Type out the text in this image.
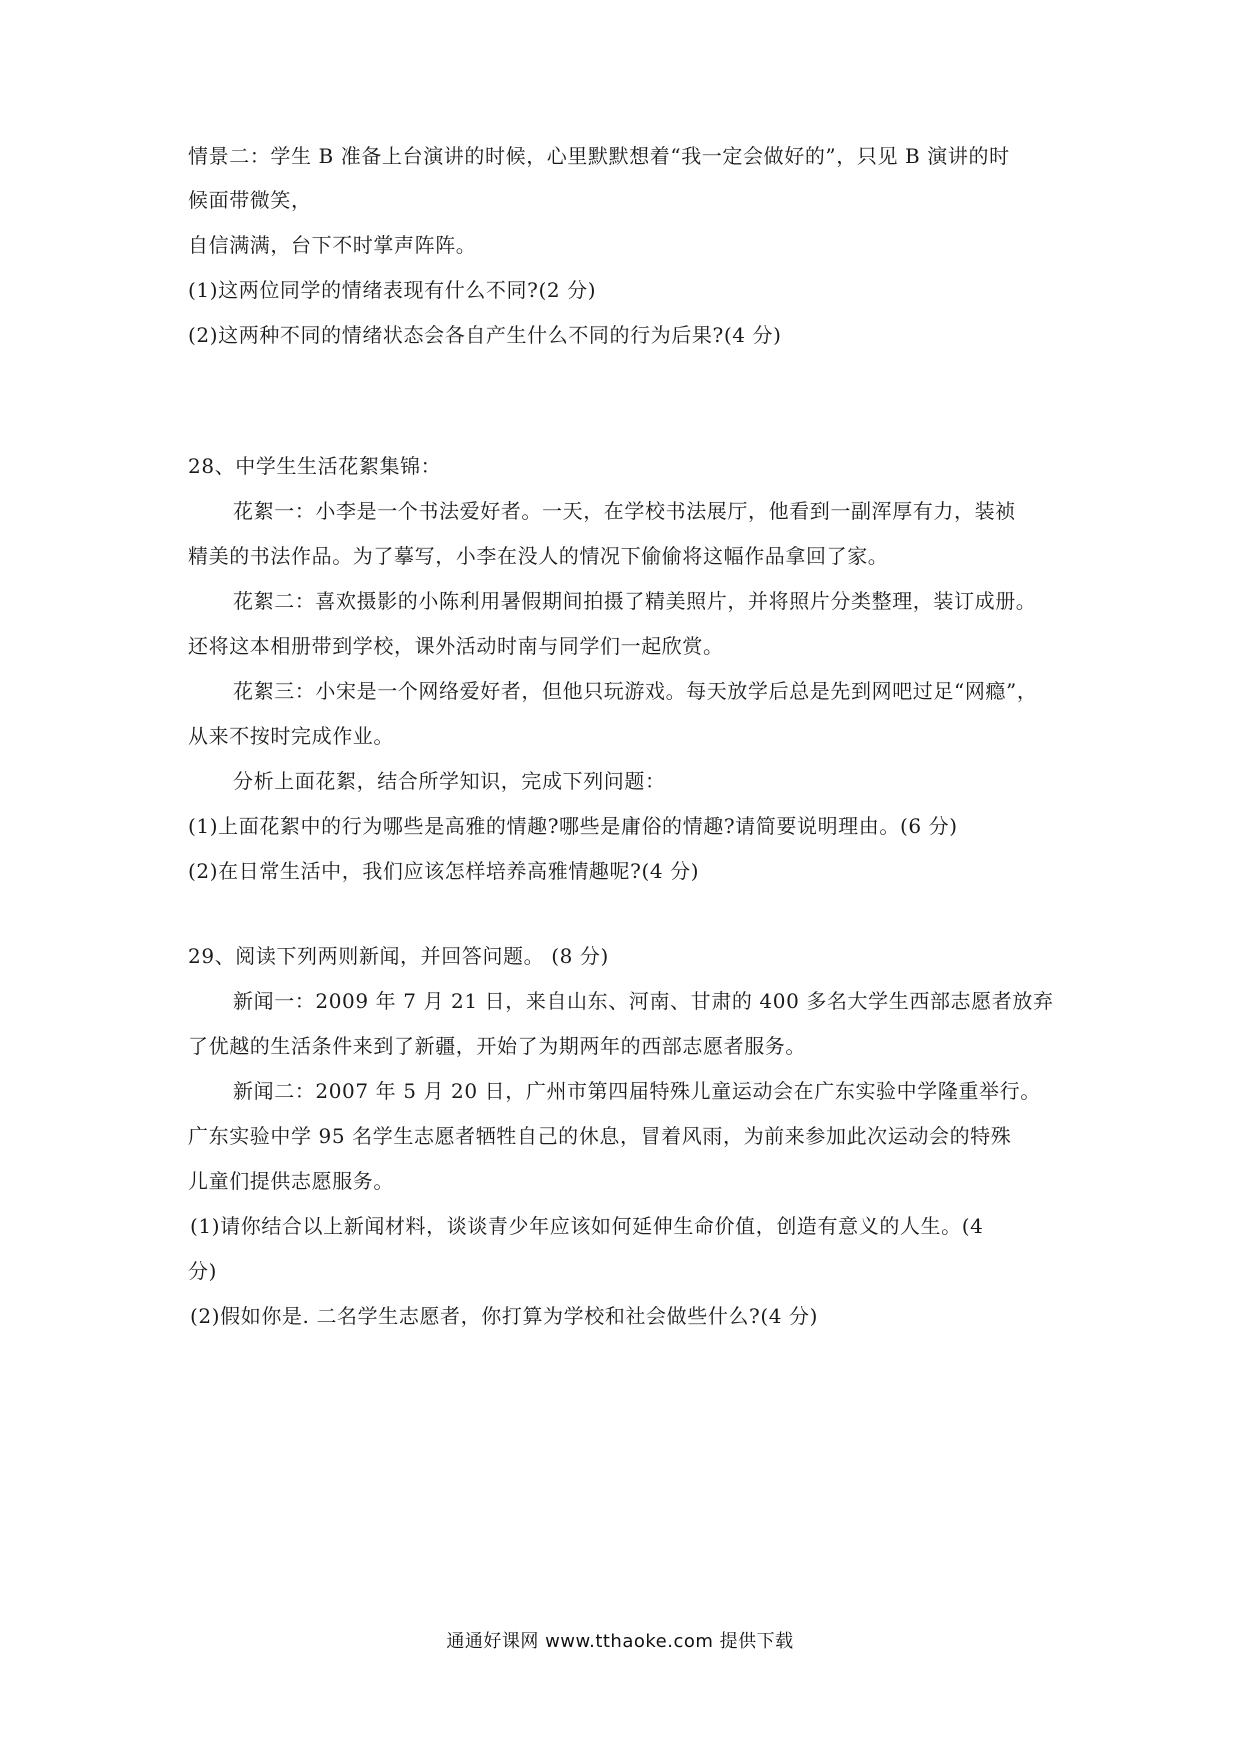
情景二：学生 B 准备上台演讲的时候，心里默默想着“我一定会做好的”，只见 B 演讲的时
候面带微笑，
自信满满，台下不时掌声阵阵。
(1)这两位同学的情绪表现有什么不同?(2 分)
(2)这两种不同的情绪状态会各自产生什么不同的行为后果?(4 分)
28、中学生生活花絮集锦：
花絮一：小李是一个书法爱好者。一天，在学校书法展厅，他看到一副浑厚有力，装祯
精美的书法作品。为了摹写，小李在没人的情况下偷偷将这幅作品拿回了家。
花絮二：喜欢摄影的小陈利用暑假期间拍摄了精美照片，并将照片分类整理，装订成册。
还将这本相册带到学校，课外活动时南与同学们一起欣赏。
花絮三：小宋是一个网络爱好者，但他只玩游戏。每天放学后总是先到网吧过足“网瘾”，
从来不按时完成作业。
分析上面花絮，结合所学知识，完成下列问题：
(1)上面花絮中的行为哪些是高雅的情趣?哪些是庸俗的情趣?请简要说明理由。(6 分)
(2)在日常生活中，我们应该怎样培养高雅情趣呢?(4 分)
29、阅读下列两则新闻，并回答问题。 (8 分)
新闻一：2009 年 7 月 21 日，来自山东、河南、甘肃的 400 多名大学生西部志愿者放弃
了优越的生活条件来到了新疆，开始了为期两年的西部志愿者服务。
新闻二：2007 年 5 月 20 日，广州市第四届特殊儿童运动会在广东实验中学隆重举行。
广东实验中学 95 名学生志愿者牺牲自己的休息，冒着风雨，为前来参加此次运动会的特殊
儿童们提供志愿服务。
(1)请你结合以上新闻材料，谈谈青少年应该如何延伸生命价值，创造有意义的人生。(4
分)
(2)假如你是. 二名学生志愿者，你打算为学校和社会做些什么?(4 分)
通通好课网 www.tthaoke.com 提供下载
